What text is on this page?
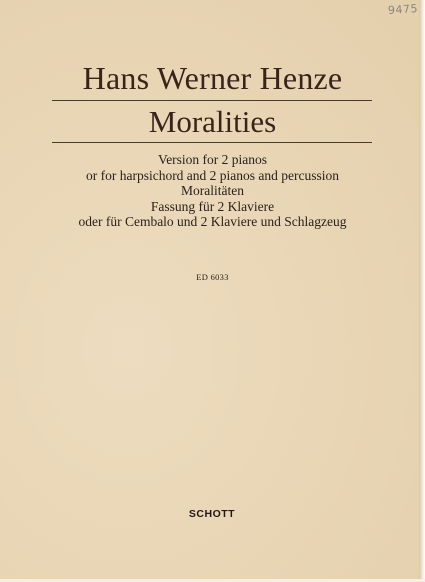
9475
Hans Werner Henze
Moralities
Version for 2 pianos
or for harpsichord and 2 pianos and percussion
Moralitäten
Fassung für 2 Klaviere
oder für Cembalo und 2 Klaviere und Schlagzeug
ED 6033
SCHOTT
